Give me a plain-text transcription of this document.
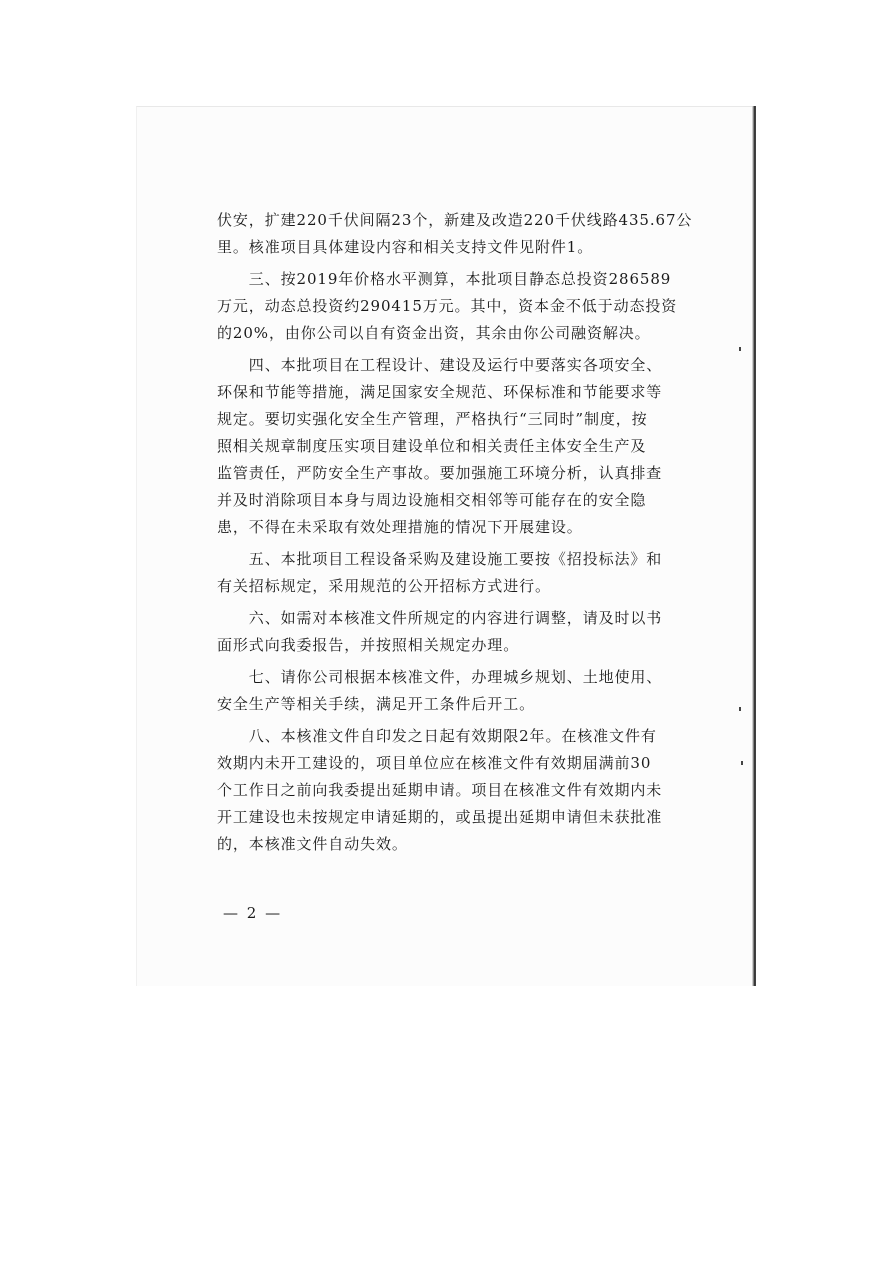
伏安，扩建220千伏间隔23个，新建及改造220千伏线路435.67公
里。核准项目具体建设内容和相关支持文件见附件1。
　　三、按2019年价格水平测算，本批项目静态总投资286589
万元，动态总投资约290415万元。其中，资本金不低于动态投资
的20%，由你公司以自有资金出资，其余由你公司融资解决。
　　四、本批项目在工程设计、建设及运行中要落实各项安全、
环保和节能等措施，满足国家安全规范、环保标准和节能要求等
规定。要切实强化安全生产管理，严格执行“三同时”制度，按
照相关规章制度压实项目建设单位和相关责任主体安全生产及
监管责任，严防安全生产事故。要加强施工环境分析，认真排查
并及时消除项目本身与周边设施相交相邻等可能存在的安全隐
患，不得在未采取有效处理措施的情况下开展建设。
　　五、本批项目工程设备采购及建设施工要按《招投标法》和
有关招标规定，采用规范的公开招标方式进行。
　　六、如需对本核准文件所规定的内容进行调整，请及时以书
面形式向我委报告，并按照相关规定办理。
　　七、请你公司根据本核准文件，办理城乡规划、土地使用、
安全生产等相关手续，满足开工条件后开工。
　　八、本核准文件自印发之日起有效期限2年。在核准文件有
效期内未开工建设的，项目单位应在核准文件有效期届满前30
个工作日之前向我委提出延期申请。项目在核准文件有效期内未
开工建设也未按规定申请延期的，或虽提出延期申请但未获批准
的，本核准文件自动失效。
— 2 —
